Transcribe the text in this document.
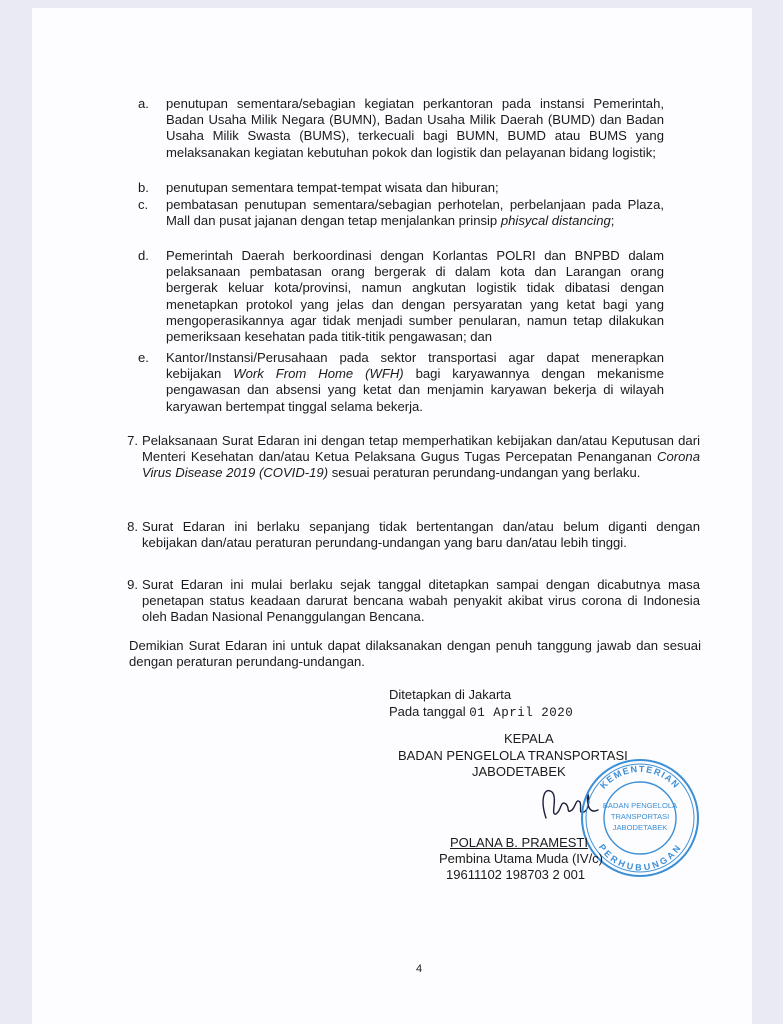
a.	penutupan sementara/sebagian kegiatan perkantoran pada instansi Pemerintah, Badan Usaha Milik Negara (BUMN), Badan Usaha Milik Daerah (BUMD) dan Badan Usaha Milik Swasta (BUMS), terkecuali bagi BUMN, BUMD atau BUMS yang melaksanakan kegiatan kebutuhan pokok dan logistik dan pelayanan bidang logistik;
b.	penutupan sementara tempat-tempat wisata dan hiburan;
c.	pembatasan penutupan sementara/sebagian perhotelan, perbelanjaan pada Plaza, Mall dan pusat jajanan dengan tetap menjalankan prinsip phisycal distancing;
d.	Pemerintah Daerah berkoordinasi dengan Korlantas POLRI dan BNPBD dalam pelaksanaan pembatasan orang bergerak di dalam kota dan Larangan orang bergerak keluar kota/provinsi, namun angkutan logistik tidak dibatasi dengan menetapkan protokol yang jelas dan dengan persyaratan yang ketat bagi yang mengoperasikannya agar tidak menjadi sumber penularan, namun tetap dilakukan pemeriksaan kesehatan pada titik-titik pengawasan; dan
e.	Kantor/Instansi/Perusahaan pada sektor transportasi agar dapat menerapkan kebijakan Work From Home (WFH) bagi karyawannya dengan mekanisme pengawasan dan absensi yang ketat dan menjamin karyawan bekerja di wilayah karyawan bertempat tinggal selama bekerja.
7. Pelaksanaan Surat Edaran ini dengan tetap memperhatikan kebijakan dan/atau Keputusan dari Menteri Kesehatan dan/atau Ketua Pelaksana Gugus Tugas Percepatan Penanganan Corona Virus Disease 2019 (COVID-19) sesuai peraturan perundang-undangan yang berlaku.
8. Surat Edaran ini berlaku sepanjang tidak bertentangan dan/atau belum diganti dengan kebijakan dan/atau peraturan perundang-undangan yang baru dan/atau lebih tinggi.
9. Surat Edaran ini mulai berlaku sejak tanggal ditetapkan sampai dengan dicabutnya masa penetapan status keadaan darurat bencana wabah penyakit akibat virus corona di Indonesia oleh Badan Nasional Penanggulangan Bencana.
Demikian Surat Edaran ini untuk dapat dilaksanakan dengan penuh tanggung jawab dan sesuai dengan peraturan perundang-undangan.
Ditetapkan di Jakarta
Pada tanggal 01 April 2020
KEPALA
BADAN PENGELOLA TRANSPORTASI
JABODETABEK
KEMENTERIAN
PERHUBUNGAN
BADAN PENGELOLA
TRANSPORTASI
JABODETABEK
POLANA B. PRAMESTI
Pembina Utama Muda (IV/c)
19611102 198703 2 001
4
